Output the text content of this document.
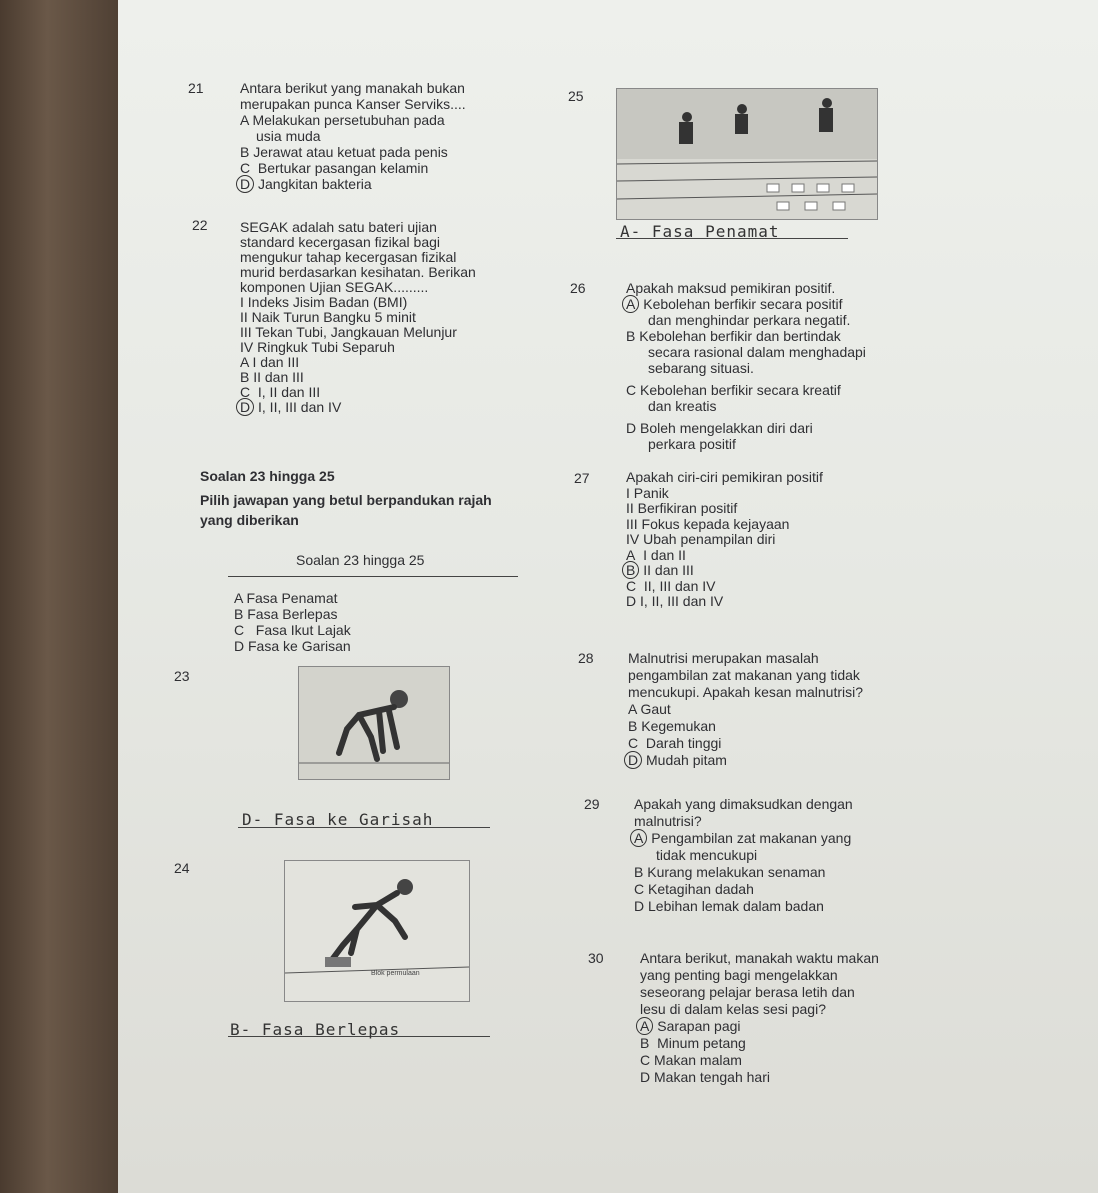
21	Antara berikut yang manakah bukan
merupakan punca Kanser Serviks....
A Melakukan persetubuhan pada
usia muda
B Jerawat atau ketuat pada penis
C  Bertukar pasangan kelamin
D Jangkitan bakteria
25
A- Fasa Penamat
22 SEGAK adalah satu bateri ujian
standard kecergasan fizikal bagi
mengukur tahap kecergasan fizikal
murid berdasarkan kesihatan. Berikan
komponen Ujian SEGAK.........
I Indeks Jisim Badan (BMI)
II Naik Turun Bangku 5 minit
III Tekan Tubi, Jangkauan Melunjur
IV Ringkuk Tubi Separuh
A I dan III
B II dan III
C  I, II dan III
D I, II, III dan IV
Soalan 23 hingga 25
Pilih jawapan yang betul berpandukan rajah
yang diberikan
Soalan 23 hingga 25
A Fasa Penamat
B Fasa Berlepas
C   Fasa Ikut Lajak
D Fasa ke Garisan
23
D- Fasa ke Garisah
24
Blok permulaan
B- Fasa Berlepas
26	Apakah maksud pemikiran positif.
A Kebolehan berfikir secara positif
dan menghindar perkara negatif.
B Kebolehan berfikir dan bertindak
secara rasional dalam menghadapi
sebarang situasi.
C Kebolehan berfikir secara kreatif
dan kreatis
D Boleh mengelakkan diri dari
perkara positif
27	Apakah ciri-ciri pemikiran positif
I Panik
II Berfikiran positif
III Fokus kepada kejayaan
IV Ubah penampilan diri
A I dan II
B II dan III
C II, III dan IV
D I, II, III dan IV
28 Malnutrisi merupakan masalah
pengambilan zat makanan yang tidak
mencukupi. Apakah kesan malnutrisi?
A Gaut
B Kegemukan
C Darah tinggi
D Mudah pitam
29 Apakah yang dimaksudkan dengan
malnutrisi?
A Pengambilan zat makanan yang
tidak mencukupi
B Kurang melakukan senaman
C Ketagihan dadah
D Lebihan lemak dalam badan
30	Antara berikut, manakah waktu makan
yang penting bagi mengelakkan
seseorang pelajar berasa letih dan
lesu di dalam kelas sesi pagi?
A Sarapan pagi
B Minum petang
C Makan malam
D Makan tengah hari
